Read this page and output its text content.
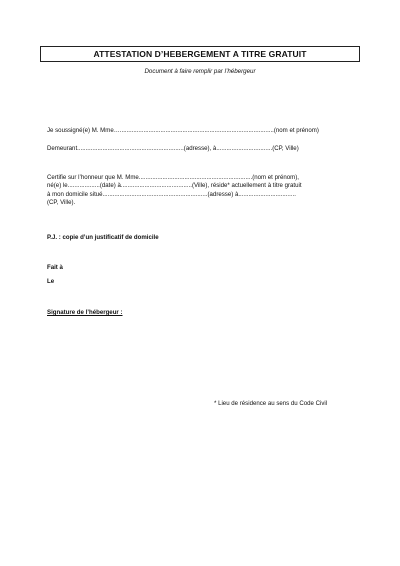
ATTESTATION D’HEBERGEMENT A TITRE GRATUIT
Document à faire remplir par l’hébergeur
Je soussigné(e) M. Mme…...........................................................................................(nom et prénom)
Demeurant...............................................................(adresse), à.................................(CP, Ville)
Certifie sur l’honneur que M. Mme...................................................................(nom et prénom),
né(e) le...................(date) à..........................................(Ville), réside* actuellement à titre gratuit
à mon domicile situé..............................................................(adresse) à..................................
(CP, Ville).
P.J. : copie d’un justificatif de domicile
Fait à
Le
Signature de l’hébergeur :
* Lieu de résidence au sens du Code Civil
